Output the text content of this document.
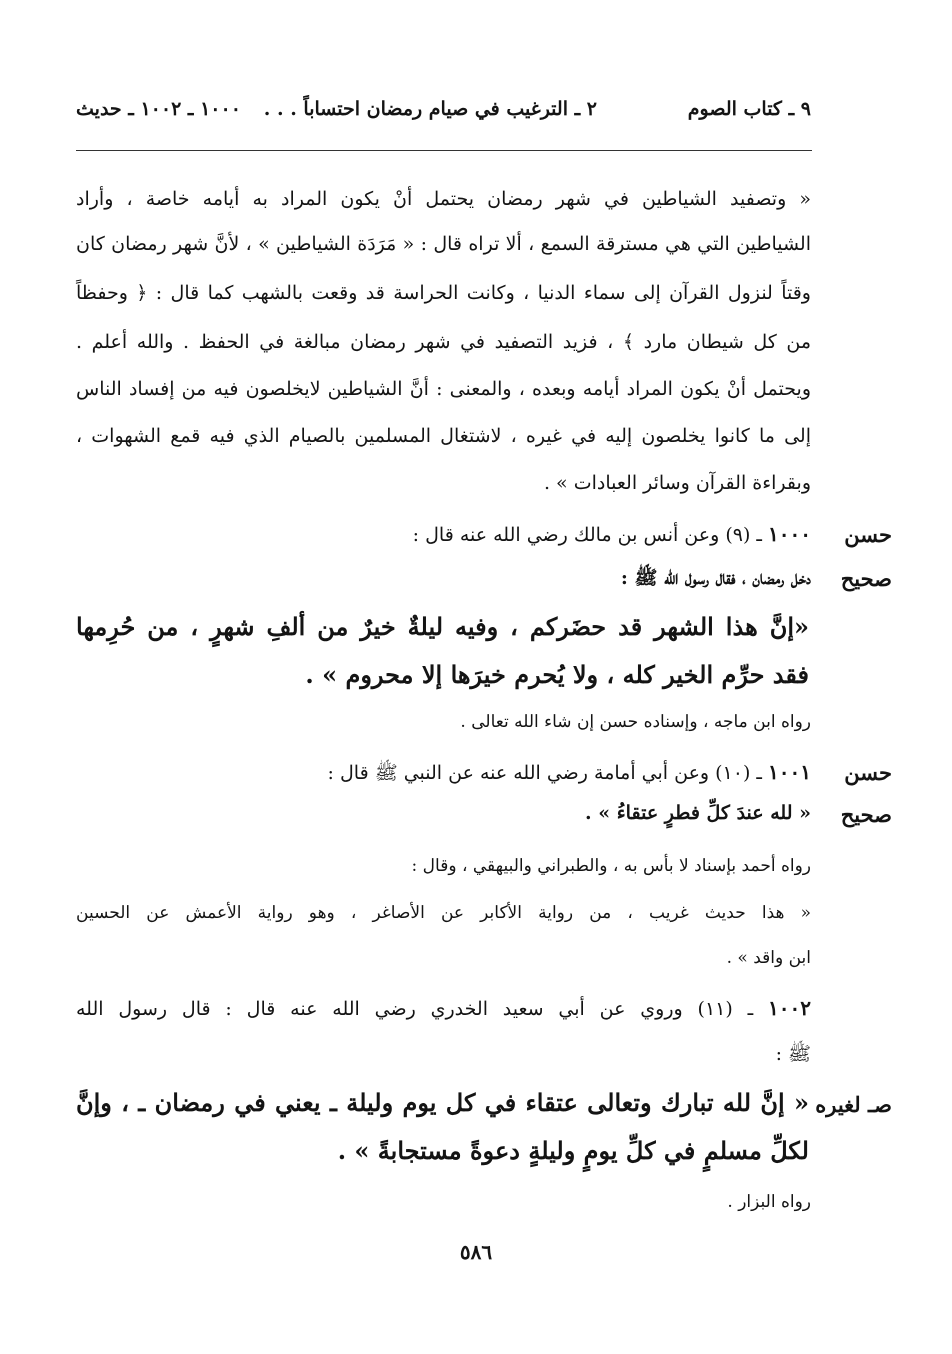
٩ ـ كتاب الصوم
٢ ـ الترغيب في صيام رمضان احتساباً . . .
١٠٠٠ ـ ١٠٠٢ ـ حديث
« وتصفيد الشياطين في شهر رمضان يحتمل أنْ يكون المراد به أيامه خاصة ، وأراد
الشياطين التي هي مسترقة السمع ، ألا تراه قال : « مَرَدَة الشياطين » ، لأنَّ شهر رمضان كان
وقتاً لنزول القرآن إلى سماء الدنيا ، وكانت الحراسة قد وقعت بالشهب كما قال : ﴿ وحفظاً
من كل شيطان مارد ﴾ ، فزيد التصفيد في شهر رمضان مبالغة في الحفظ . والله أعلم .
ويحتمل أنْ يكون المراد أيامه وبعده ، والمعنى : أنَّ الشياطين لايخلصون فيه من إفساد الناس
إلى ما كانوا يخلصون إليه في غيره ، لاشتغال المسلمين بالصيام الذي فيه قمع الشهوات ،
وبقراءة القرآن وسائر العبادات » .
حسن
صحيح
١٠٠٠ ـ (٩) وعن أنس بن مالك رضي الله عنه قال :
دخل رمضان ، فقال رسول الله ﷺ :
«إنَّ هذا الشهر قد حضَركم ، وفيه ليلةٌ خيرٌ من ألفِ شهرٍ ، من حُرِمها
فقد حرِّم الخير كله ، ولا يُحرم خيرَها إلا محروم » .
رواه ابن ماجه ، وإسناده حسن إن شاء الله تعالى .
حسن
صحيح
١٠٠١ ـ (١٠) وعن أبي أمامة رضي الله عنه عن النبي ﷺ قال :
« لله عندَ كلِّ فطرٍ عتقاءُ » .
رواه أحمد بإسناد لا بأس به ، والطبراني والبيهقي ، وقال :
« هذا حديث غريب ، من رواية الأكابر عن الأصاغر ، وهو رواية الأعمش عن الحسين
ابن واقد » .
١٠٠٢ ـ (١١) وروي عن أبي سعيد الخدري رضي الله عنه قال : قال رسول الله
ﷺ :
صـ لغيره
« إنَّ لله تبارك وتعالى عتقاء في كل يوم وليلة ـ يعني في رمضان ـ ، وإنَّ
لكلِّ مسلمٍ في كلِّ يومٍ وليلةٍ دعوةً مستجابةً » .
رواه البزار .
٥٨٦
